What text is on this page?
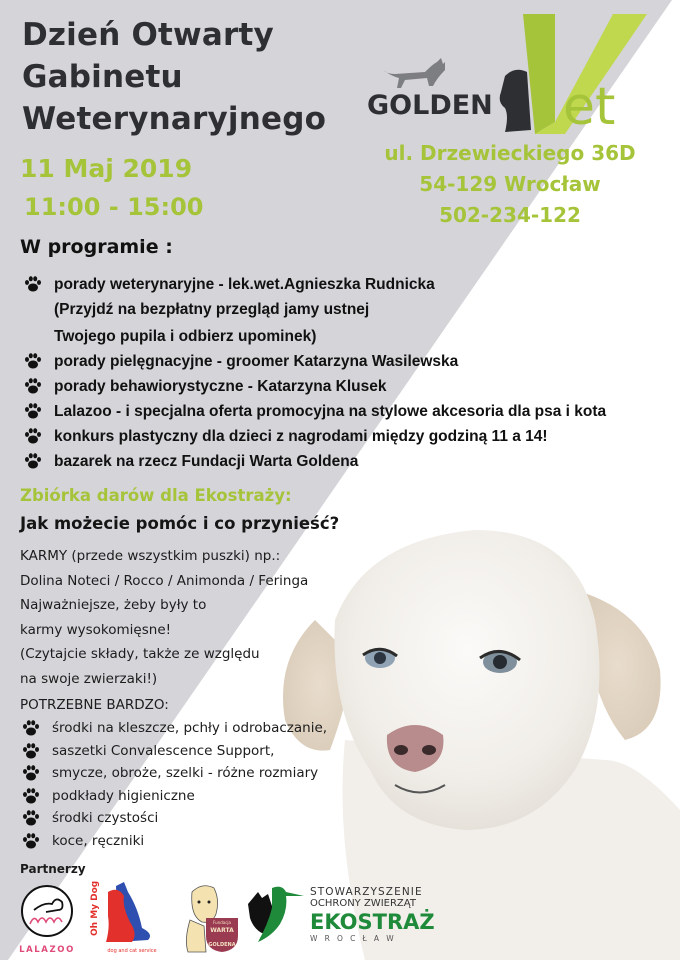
Dzień Otwarty
Gabinetu
Weterynaryjnego
11 Maj 2019
11:00 - 15:00
GOLDEN et
ul. Drzewieckiego 36D
54-129 Wrocław
502-234-122
W programie :
porady weterynaryjne - lek.wet.Agnieszka Rudnicka
(Przyjdź na bezpłatny przegląd jamy ustnej
Twojego pupila i odbierz upominek)
porady pielęgnacyjne - groomer Katarzyna Wasilewska
porady behawiorystyczne - Katarzyna Klusek
Lalazoo - i specjalna oferta promocyjna na stylowe akcesoria dla psa i kota
konkurs plastyczny dla dzieci z nagrodami między godziną 11 a 14!
bazarek na rzecz Fundacji Warta Goldena
Zbiórka darów dla Ekostraży:
Jak możecie pomóc i co przynieść?
KARMY (przede wszystkim puszki) np.:
Dolina Noteci / Rocco / Animonda / Feringa
Najważniejsze, żeby były to
karmy wysokomięsne!
(Czytajcie składy, także ze względu
na swoje zwierzaki!)
POTRZEBNE BARDZO:
środki na kleszcze, pchły i odrobaczanie,
saszetki Convalescence Support,
smycze, obroże, szelki - różne rozmiary
podkłady higieniczne
środki czystości
koce, ręczniki
Partnerzy
LALAZOO
Oh My Dog
dog and cat service
Fundacja
WARTA
GOLDENA
STOWARZYSZENIE
OCHRONY ZWIERZĄT
EKOSTRAŻ
W R O C Ł A W
